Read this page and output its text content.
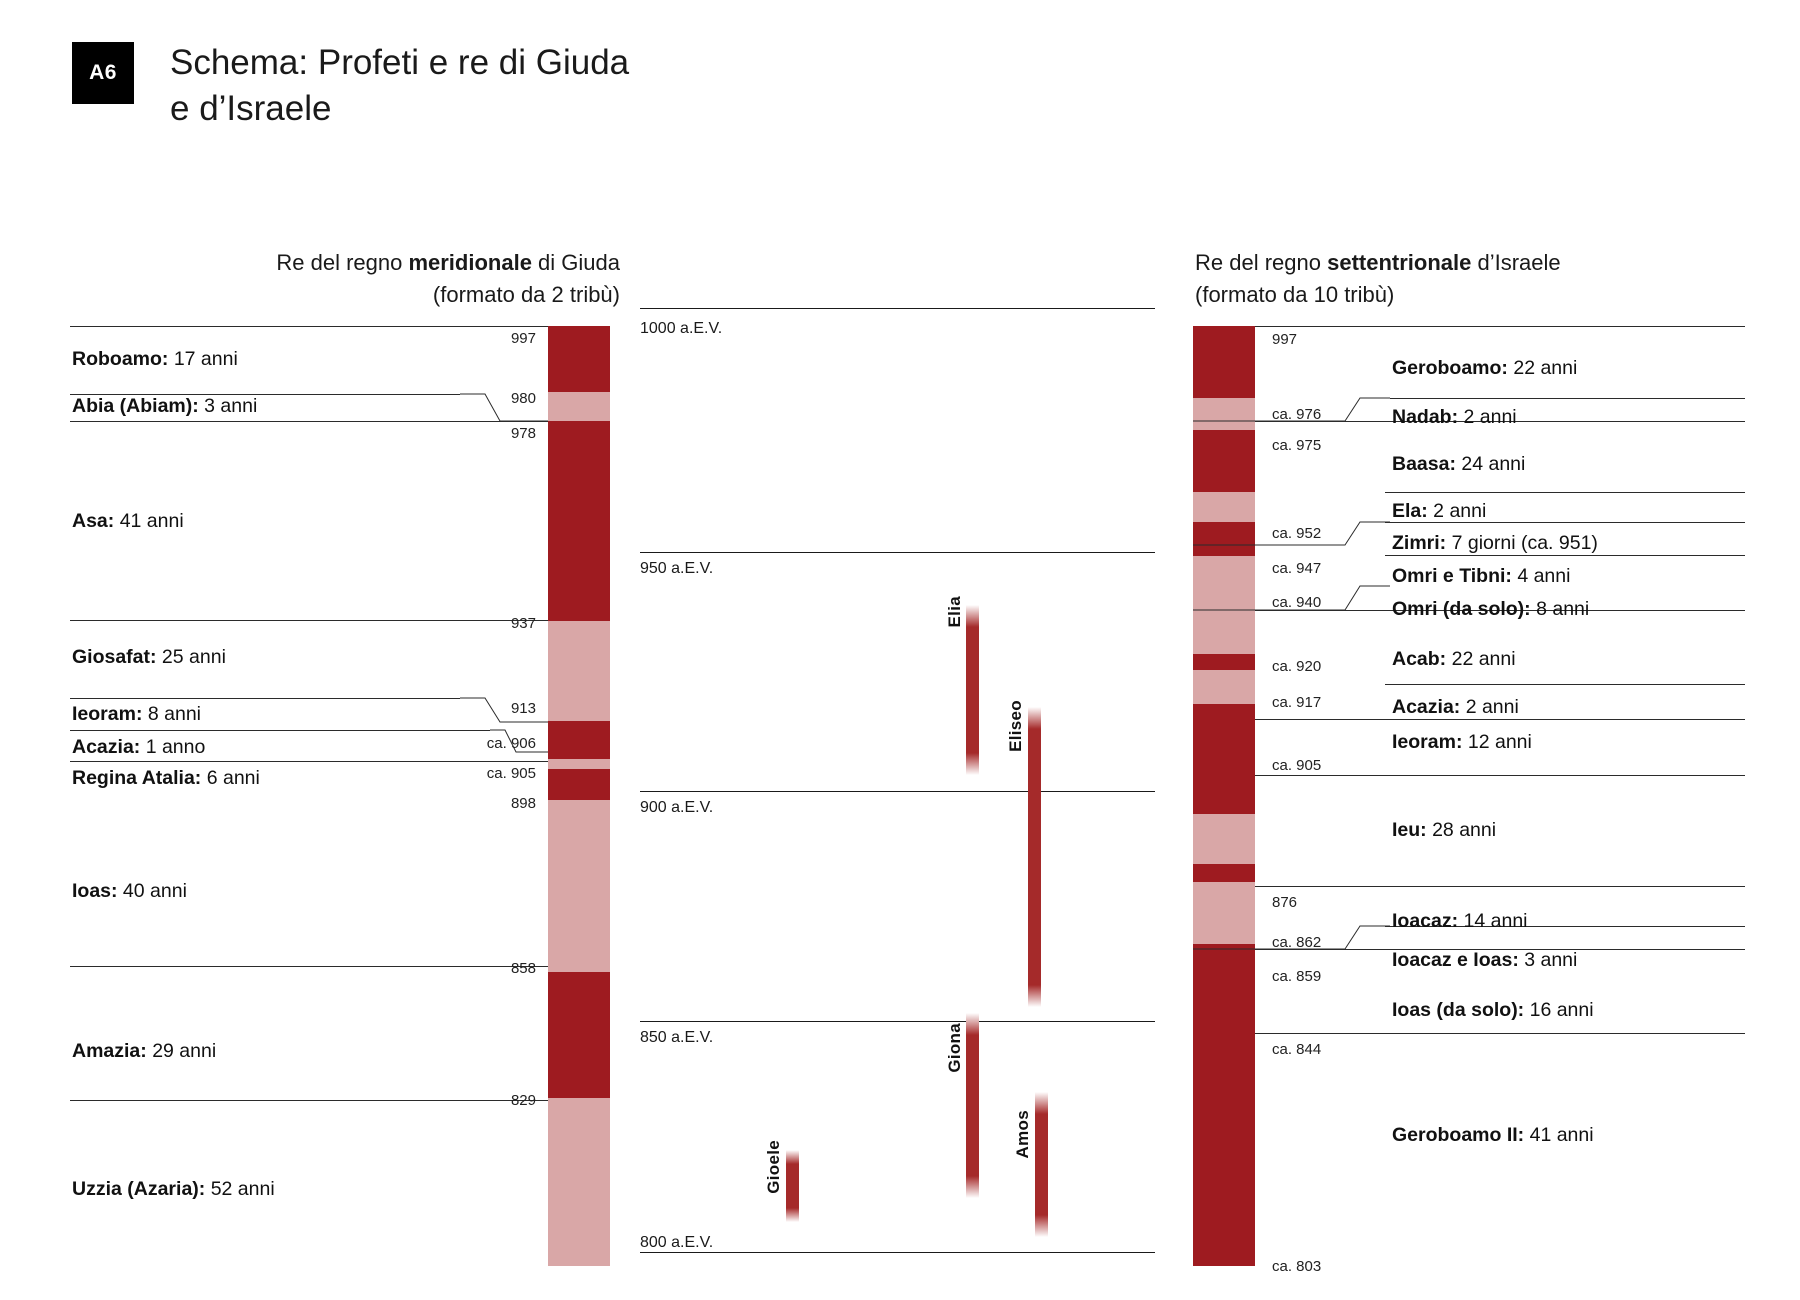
A6	Schema: Profeti e re di Giuda
e d’Israele
Re del regno meridionale di Giuda
(formato da 2 tribù)
Re del regno settentrionale d’Israele
(formato da 10 tribù)
Roboamo: 17 anni
Abia (Abiam): 3 anni
Asa: 41 anni
Giosafat: 25 anni
Ieoram: 8 anni
Acazia: 1 anno
Regina Atalia: 6 anni
Ioas: 40 anni
Amazia: 29 anni
Uzzia (Azaria): 52 anni
997
980
978
937
913
ca. 906
ca. 905
898
858
829
Geroboamo: 22 anni
Nadab: 2 anni
Baasa: 24 anni
Ela: 2 anni
Zimri: 7 giorni (ca. 951)
Omri e Tibni: 4 anni
Omri (da solo): 8 anni
Acab: 22 anni
Acazia: 2 anni
Ieoram: 12 anni
Ieu: 28 anni
Ioacaz: 14 anni
Ioacaz e Ioas: 3 anni
Ioas (da solo): 16 anni
Geroboamo II: 41 anni
997
ca. 976
ca. 975
ca. 952
ca. 947
ca. 940
ca. 920
ca. 917
ca. 905
876
ca. 862
ca. 859
ca. 844
ca. 803
1000 a.E.V.
950 a.E.V.
900 a.E.V.
850 a.E.V.
800 a.E.V.
Elia
Eliseo
Giona
Amos
Gioele
